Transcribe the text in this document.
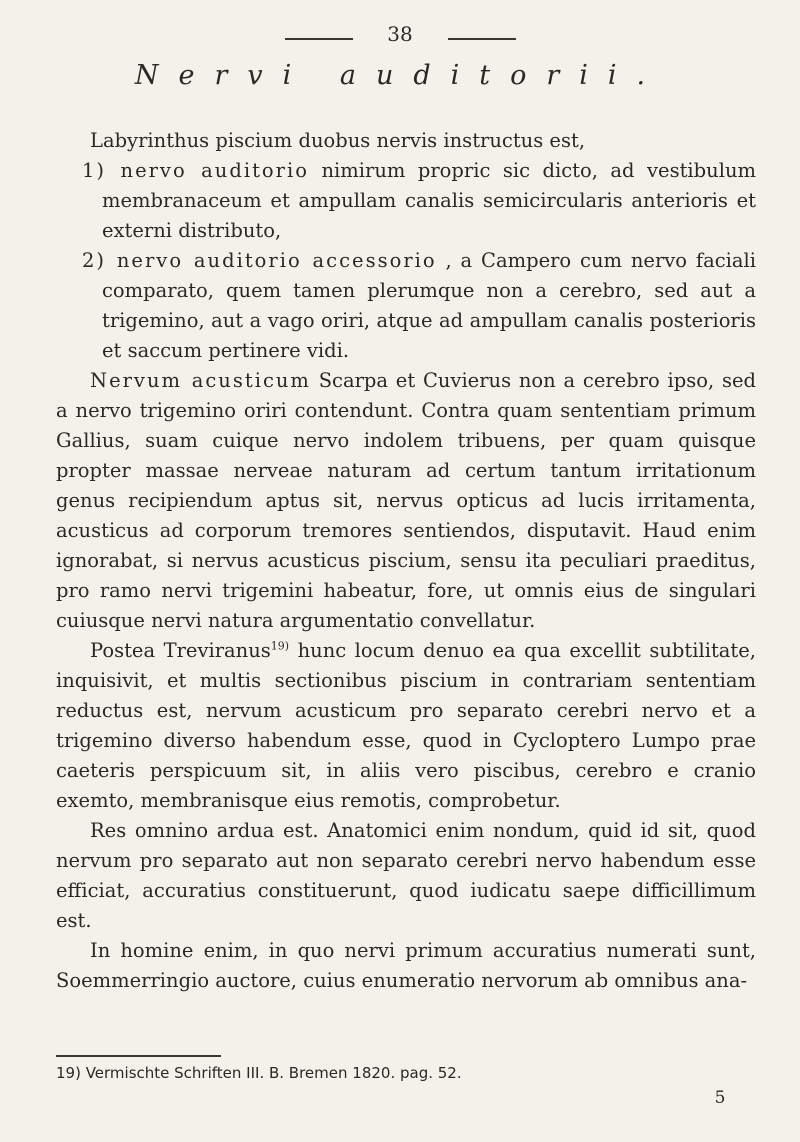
38
Nervi auditorii.

Labyrinthus piscium duobus nervis instructus est,

1) nervo auditorio nimirum propric sic dicto, ad vestibulum membranaceum et ampullam canalis semicircularis anterioris et externi distributo,

2) nervo auditorio accessorio , a Campero cum nervo faciali comparato, quem tamen plerumque non a cerebro, sed aut a trigemino, aut a vago oriri, atque ad ampullam canalis posterioris et saccum pertinere vidi.

Nervum acusticum Scarpa et Cuvierus non a cerebro ipso, sed a nervo trigemino oriri contendunt. Contra quam sententiam primum Gallius, suam cuique nervo indolem tribuens, per quam quisque propter massae nerveae naturam ad certum tantum irritationum genus recipiendum aptus sit, nervus opticus ad lucis irritamenta, acusticus ad corporum tremores sentiendos, disputavit. Haud enim ignorabat, si nervus acusticus piscium, sensu ita peculiari praeditus, pro ramo nervi trigemini habeatur, fore, ut omnis eius de singulari cuiusque nervi natura argumentatio convellatur.

Postea Treviranus$^{19)}$ hunc locum denuo ea qua excellit subtilitate, inquisivit, et multis sectionibus piscium in contrariam sententiam reductus est, nervum acusticum pro separato cerebri nervo et a trigemino diverso habendum esse, quod in Cycloptero Lumpo prae caeteris perspicuum sit, in aliis vero piscibus, cerebro e cranio exemto, membranisque eius remotis, comprobetur.

Res omnino ardua est. Anatomici enim nondum, quid id sit, quod nervum pro separato aut non separato cerebri nervo habendum esse efficiat, accuratius constituerunt, quod iudicatu saepe difficillimum est.

In homine enim, in quo nervi primum accuratius numerati sunt, Soemmerringio auctore, cuius enumeratio nervorum ab omnibus ana-

19) Vermischte Schriften III. B. Bremen 1820. pag. 52.
5
